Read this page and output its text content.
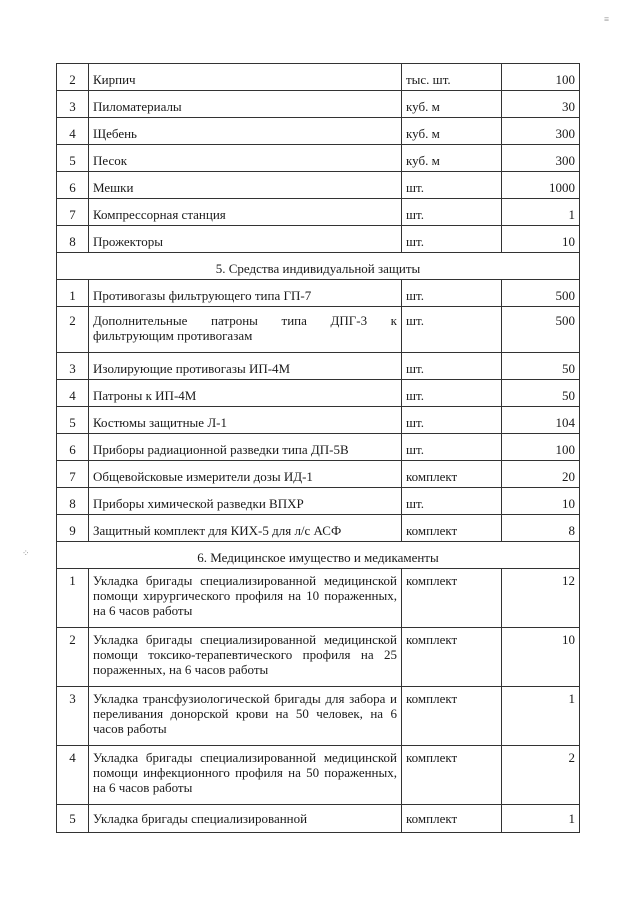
≡
⁘
2	Кирпич	тыс. шт.	100
3	Пиломатериалы	куб. м	30
4	Щебень	куб. м	300
5	Песок	куб. м	300
6	Мешки	шт.	1000
7	Компрессорная станция	шт.	1
8	Прожекторы	шт.	10
5. Средства индивидуальной защиты			
1	Противогазы фильтрующего типа ГП-7	шт.	500
2	Дополнительные патроны типа ДПГ-3 к фильтрующим противогазам	шт.	500
3	Изолирующие противогазы ИП-4М	шт.	50
4	Патроны к ИП-4М	шт.	50
5	Костюмы защитные Л-1	шт.	104
6	Приборы радиационной разведки типа ДП-5В	шт.	100
7	Общевойсковые измерители дозы ИД-1	комплект	20
8	Приборы химической разведки ВПХР	шт.	10
9	Защитный комплект для КИХ-5 для л/с АСФ	комплект	8
6. Медицинское имущество и медикаменты			
1	Укладка бригады специализированной медицинской помощи хирургического профиля на 10 пораженных, на 6 часов работы	комплект	12
2	Укладка бригады специализированной медицинской помощи токсико-терапевтического профиля на 25 пораженных, на 6 часов работы	комплект	10
3	Укладка трансфузиологической бригады для забора и переливания донорской крови на 50 человек, на 6 часов работы	комплект	1
4	Укладка бригады специализированной медицинской помощи инфекционного профиля на 50 пораженных, на 6 часов работы	комплект	2
5	Укладка бригады специализированной	комплект	1
